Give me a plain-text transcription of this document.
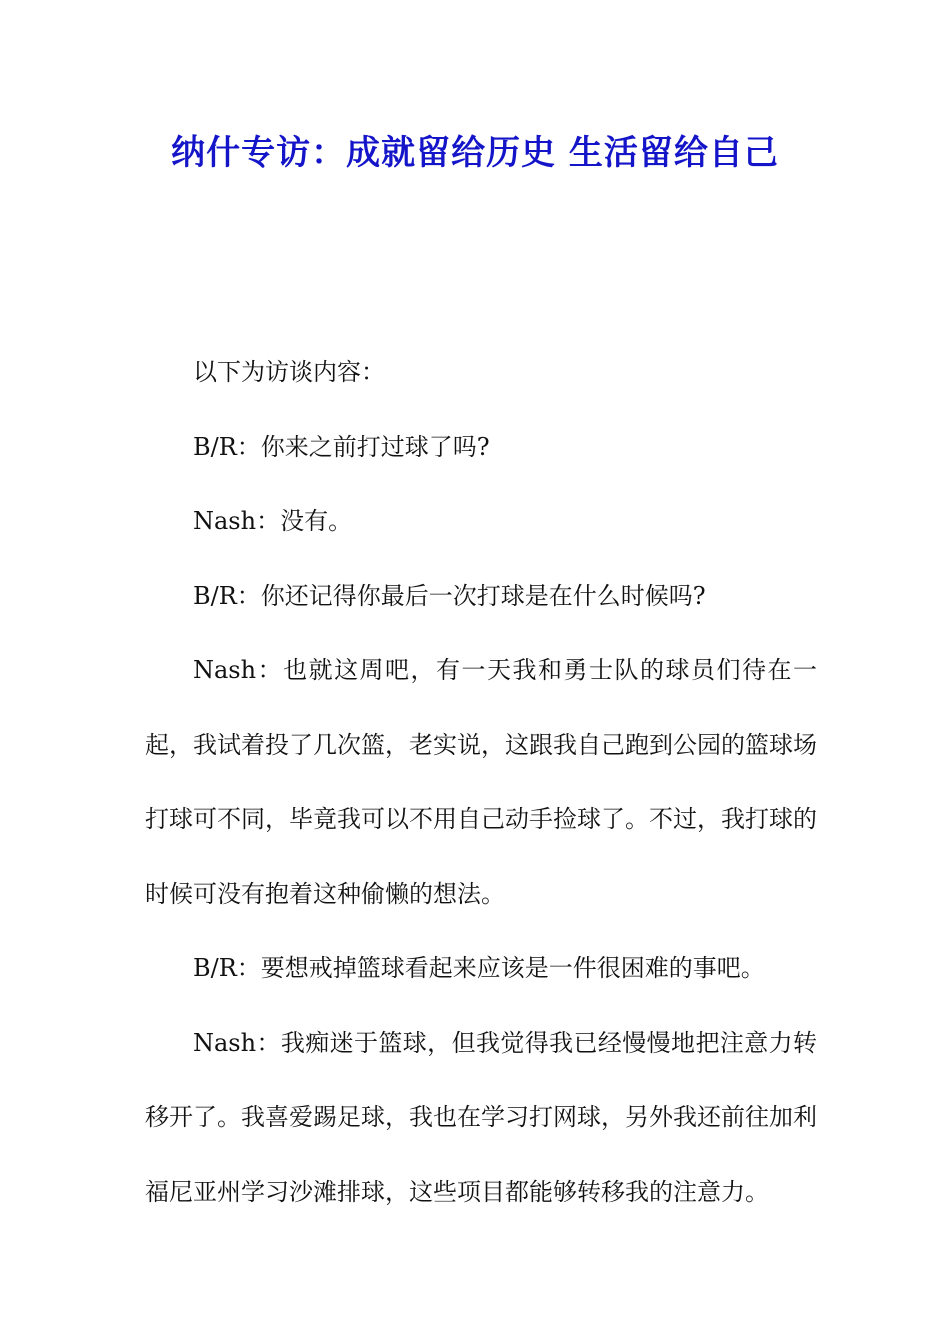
纳什专访：成就留给历史 生活留给自己

以下为访谈内容：

B/R：你来之前打过球了吗?

Nash：没有。

B/R：你还记得你最后一次打球是在什么时候吗?

Nash：也就这周吧，有一天我和勇士队的球员们待在一起，我试着投了几次篮，老实说，这跟我自己跑到公园的篮球场打球可不同，毕竟我可以不用自己动手捡球了。不过，我打球的时候可没有抱着这种偷懒的想法。

B/R：要想戒掉篮球看起来应该是一件很困难的事吧。

Nash：我痴迷于篮球，但我觉得我已经慢慢地把注意力转移开了。我喜爱踢足球，我也在学习打网球，另外我还前往加利福尼亚州学习沙滩排球，这些项目都能够转移我的注意力。
